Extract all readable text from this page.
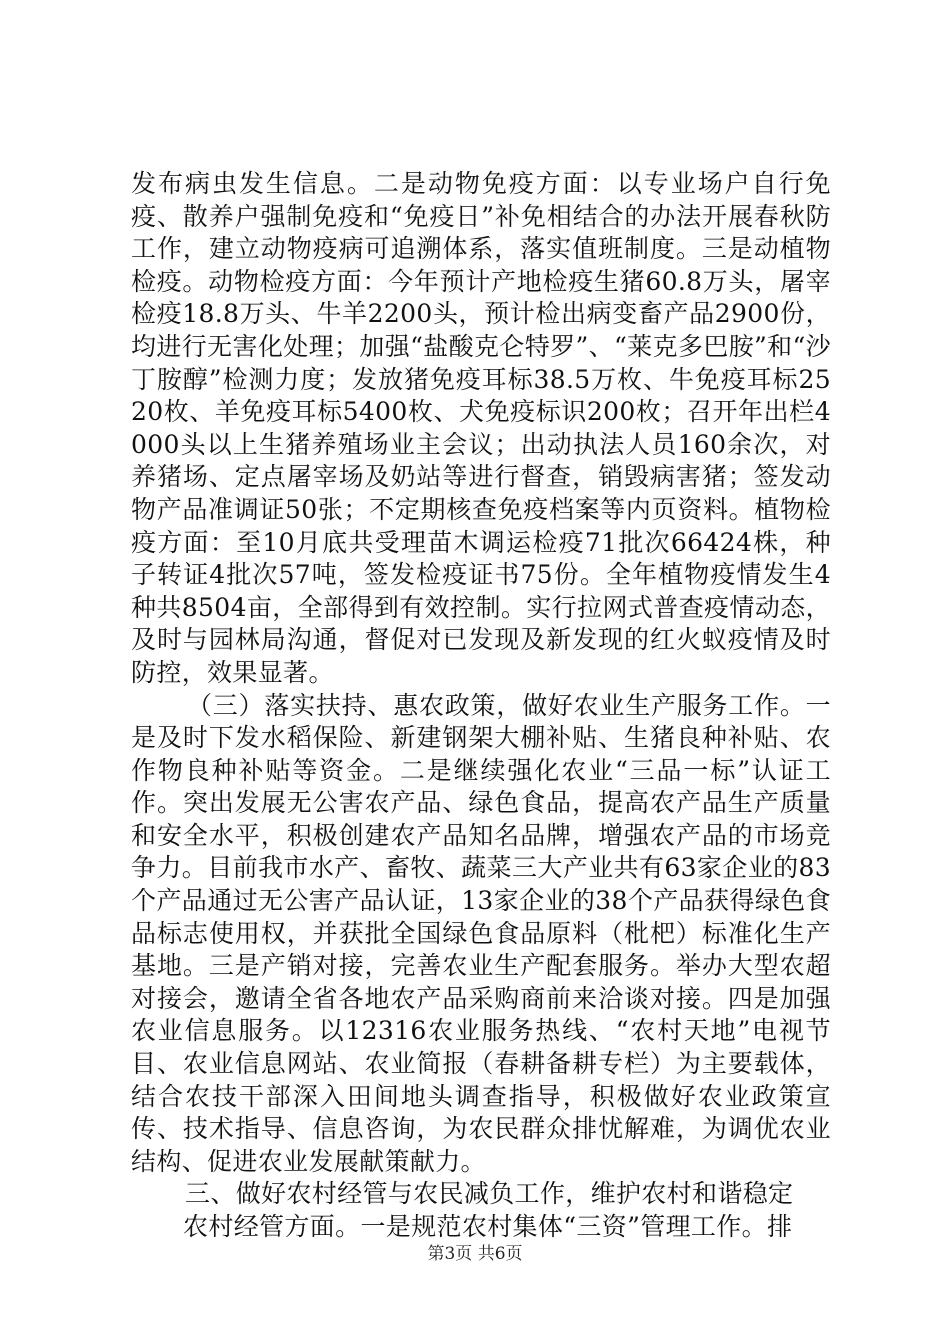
发布病虫发生信息。二是动物免疫方面：以专业场户自行免疫、散养户强制免疫和“免疫日”补免相结合的办法开展春秋防工作，建立动物疫病可追溯体系，落实值班制度。三是动植物检疫。动物检疫方面：今年预计产地检疫生猪60.8万头，屠宰检疫18.8万头、牛羊2200头，预计检出病变畜产品2900份，均进行无害化处理；加强“盐酸克仑特罗”、“莱克多巴胺”和“沙丁胺醇”检测力度；发放猪免疫耳标38.5万枚、牛免疫耳标2520枚、羊免疫耳标5400枚、犬免疫标识200枚；召开年出栏4000头以上生猪养殖场业主会议；出动执法人员160余次，对养猪场、定点屠宰场及奶站等进行督查，销毁病害猪；签发动物产品准调证50张；不定期核查免疫档案等内页资料。植物检疫方面：至10月底共受理苗木调运检疫71批次66424株，种子转证4批次57吨，签发检疫证书75份。全年植物疫情发生4种共8504亩，全部得到有效控制。实行拉网式普查疫情动态，及时与园林局沟通，督促对已发现及新发现的红火蚁疫情及时防控，效果显著。

（三）落实扶持、惠农政策，做好农业生产服务工作。一是及时下发水稻保险、新建钢架大棚补贴、生猪良种补贴、农作物良种补贴等资金。二是继续强化农业“三品一标”认证工作。突出发展无公害农产品、绿色食品，提高农产品生产质量和安全水平，积极创建农产品知名品牌，增强农产品的市场竞争力。目前我市水产、畜牧、蔬菜三大产业共有63家企业的83个产品通过无公害产品认证，13家企业的38个产品获得绿色食品标志使用权，并获批全国绿色食品原料（枇杷）标准化生产基地。三是产销对接，完善农业生产配套服务。举办大型农超对接会，邀请全省各地农产品采购商前来洽谈对接。四是加强农业信息服务。以12316农业服务热线、“农村天地”电视节目、农业信息网站、农业简报（春耕备耕专栏）为主要载体，结合农技干部深入田间地头调查指导，积极做好农业政策宣传、技术指导、信息咨询，为农民群众排忧解难，为调优农业结构、促进农业发展献策献力。

三、做好农村经管与农民减负工作，维护农村和谐稳定

农村经管方面。一是规范农村集体“三资”管理工作。排

第3页 共6页
